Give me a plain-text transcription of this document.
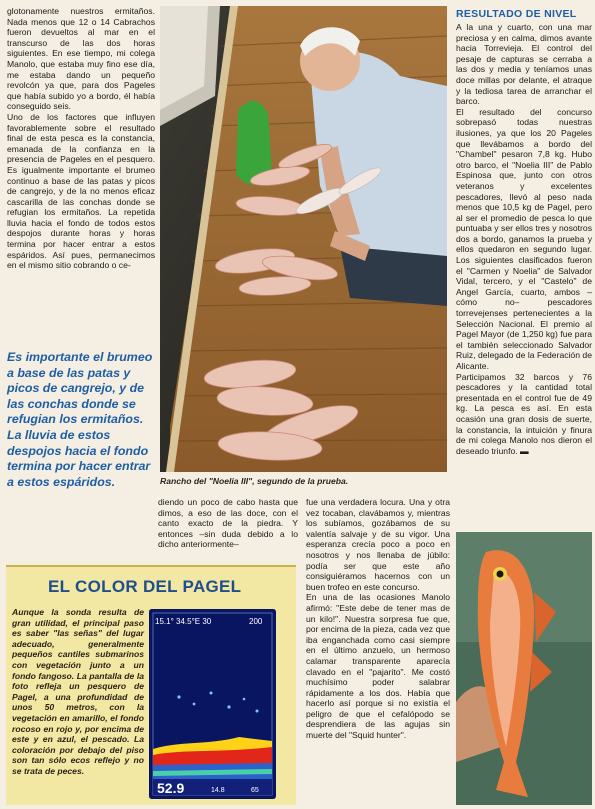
glotonamente nuestros ermitaños. Nada menos que 12 o 14 Cabrachos fueron devueltos al mar en el transcurso de las dos horas siguientes. En ese tiempo, mi colega Manolo, que estaba muy fino ese día, me estaba dando un pequeño revolcón ya que, para dos Pageles que había subido yo a bordo, él había conseguido seis.

Uno de los factores que influyen favorablemente sobre el resultado final de esta pesca es la constancia, emanada de la confianza en la presencia de Pageles en el pesquero. Es igualmente importante el brumeo continuo a base de las patas y picos de cangrejo, y de la no menos eficaz cascarilla de las conchas donde se refugian los ermitaños. La repetida lluvia hacia el fondo de todos estos despojos durante horas y horas termina por hacer entrar a estos espáridos. Así pues, permanecimos en el mismo sitio cobrando o ce-

Es importante el brumeo a base de las patas y picos de cangrejo, y de las conchas donde se refugian los ermitaños. La lluvia de estos despojos hacia el fondo termina por hacer entrar a estos espáridos.	Rancho del "Noelia III", segundo de la prueba.
RESULTADO DE NIVEL

A la una y cuarto, con una mar preciosa y en calma, dimos avante hacia Torrevieja. El control del pesaje de capturas se cerraba a las dos y media y teníamos unas doce millas por delante, el atraque y la tediosa tarea de arranchar el barco.

El resultado del concurso sobrepasó todas nuestras ilusiones, ya que los 20 Pageles que llevábamos a bordo del "Chambel" pesaron 7,8 kg. Hubo otro barco, el "Noelia III" de Pablo Espinosa que, junto con otros veteranos y excelentes pescadores, llevó al peso nada menos que 10,5 kg de Pagel, pero al ser el promedio de pesca lo que puntuaba y ser ellos tres y nosotros dos a bordo, ganamos la prueba y ellos quedaron en segundo lugar. Los siguientes clasificados fueron el "Carmen y Noelia" de Salvador Vidal, tercero, y el "Castelo" de Angel García, cuarto, ambos –cómo no– pescadores torrevejenses pertenecientes a la Selección Nacional. El premio al Pagel Mayor (de 1,250 kg) fue para el también seleccionado Salvador Ruiz, delegado de la Federación de Alicante.

Participamos 32 barcos y 76 pescadores y la cantidad total presentada en el control fue de 49 kg. La pesca es así. En esta ocasión una gran dosis de suerte, la constancia, la intuición y finura de mi colega Manolo nos dieron el deseado triunfo. ▬

diendo un poco de cabo hasta que dimos, a eso de las doce, con el canto exacto de la piedra. Y entonces –sin duda debido a lo dicho anteriormente–

fue una verdadera locura. Una y otra vez tocaban, clavábamos y, mientras los subíamos, gozábamos de su valentía salvaje y de su vigor. Una esperanza crecía poco a poco en nosotros y nos llenaba de júbilo: podía ser que este año consiguiéramos hacernos con un buen trofeo en este concurso.

En una de las ocasiones Manolo afirmó: "Este debe de tener mas de un kilo!". Nuestra sorpresa fue que, por encima de la pieza, cada vez que iba enganchada como casi siempre en el último anzuelo, un hermoso calamar transparente aparecía clavado en el "pajarito". Me costó muchísimo poder salabrar rápidamente a los dos. Había que hacerlo así porque si no existía el peligro de que el cefalópodo se desprendiera de las agujas sin muerte del "Squid hunter".

EL COLOR DEL PAGEL
Aunque la sonda resulta de gran utilidad, el principal paso es saber "las señas" del lugar adecuado, generalmente pequeños cantiles submarinos con vegetación junto a un fondo fangoso. La pantalla de la foto refleja un pesquero de Pagel, a una profundidad de unos 50 metros, con la vegetación en amarillo, el fondo rocoso en rojo y, por encima de este y en azul, el pescado. La coloración por debajo del piso son tan sólo ecos reflejo y no se trata de peces.
15.1° 34.5°E 30	200
52.9	14.8	65
